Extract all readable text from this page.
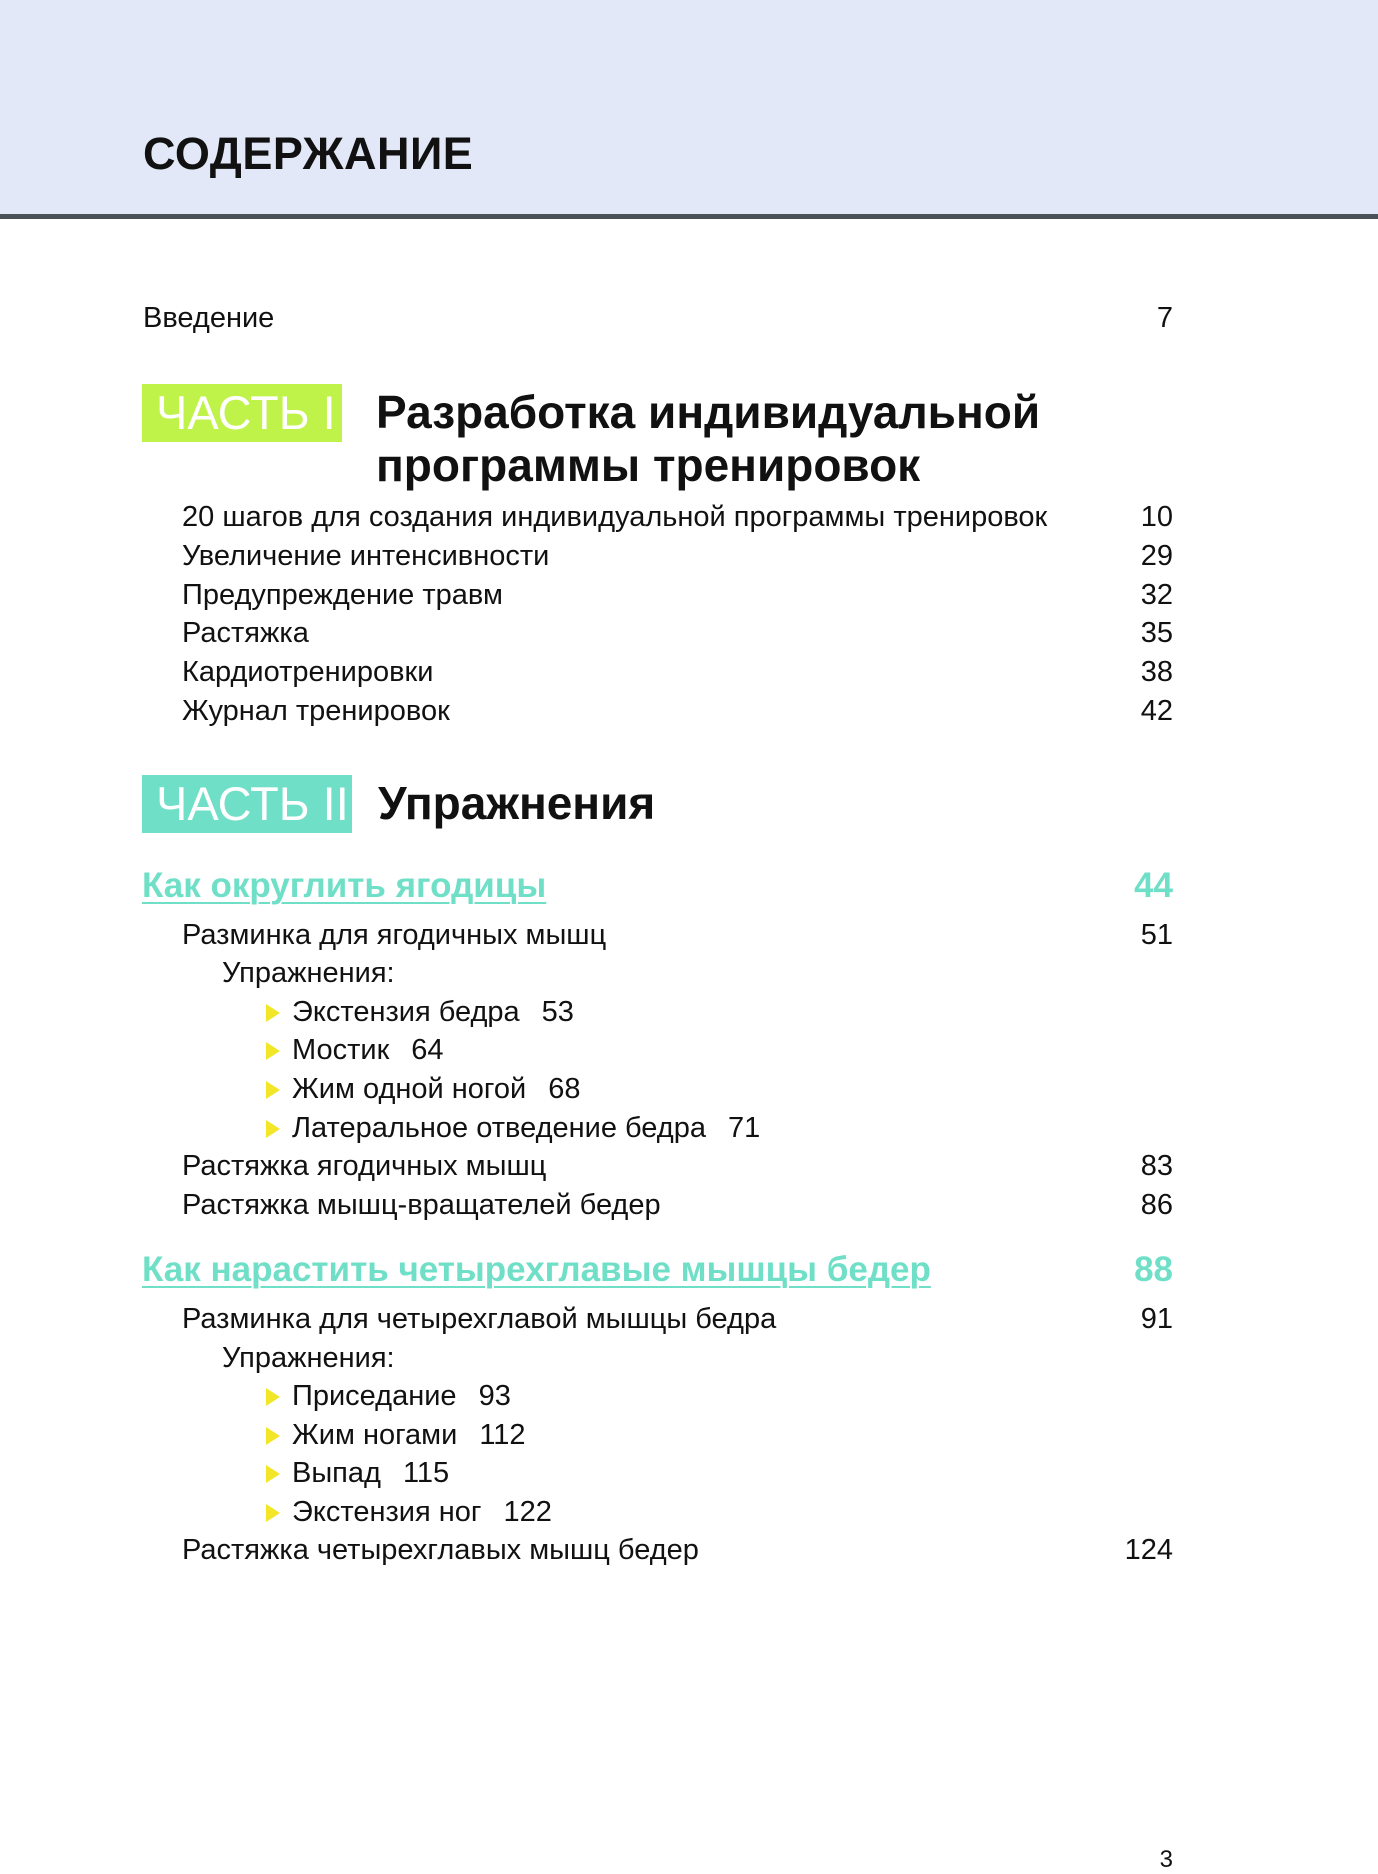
СОДЕРЖАНИЕ
Введение	7
ЧАСТЬ I Разработка индивидуальной
программы тренировок
20 шагов для создания индивидуальной программы тренировок	10
Увеличение интенсивности	29
Предупреждение травм	32
Растяжка	35
Кардиотренировки	38
Журнал тренировок	42
ЧАСТЬ II Упражнения
Как округлить ягодицы	44
Разминка для ягодичных мышц	51
Упражнения:
Экстензия бедра 53
Мостик 64
Жим одной ногой 68
Латеральное отведение бедра 71
Растяжка ягодичных мышц	83
Растяжка мышц-вращателей бедер	86
Как нарастить четырехглавые мышцы бедер	88
Разминка для четырехглавой мышцы бедра	91
Упражнения:
Приседание 93
Жим ногами 112
Выпад 115
Экстензия ног 122
Растяжка четырехглавых мышц бедер	124
3
